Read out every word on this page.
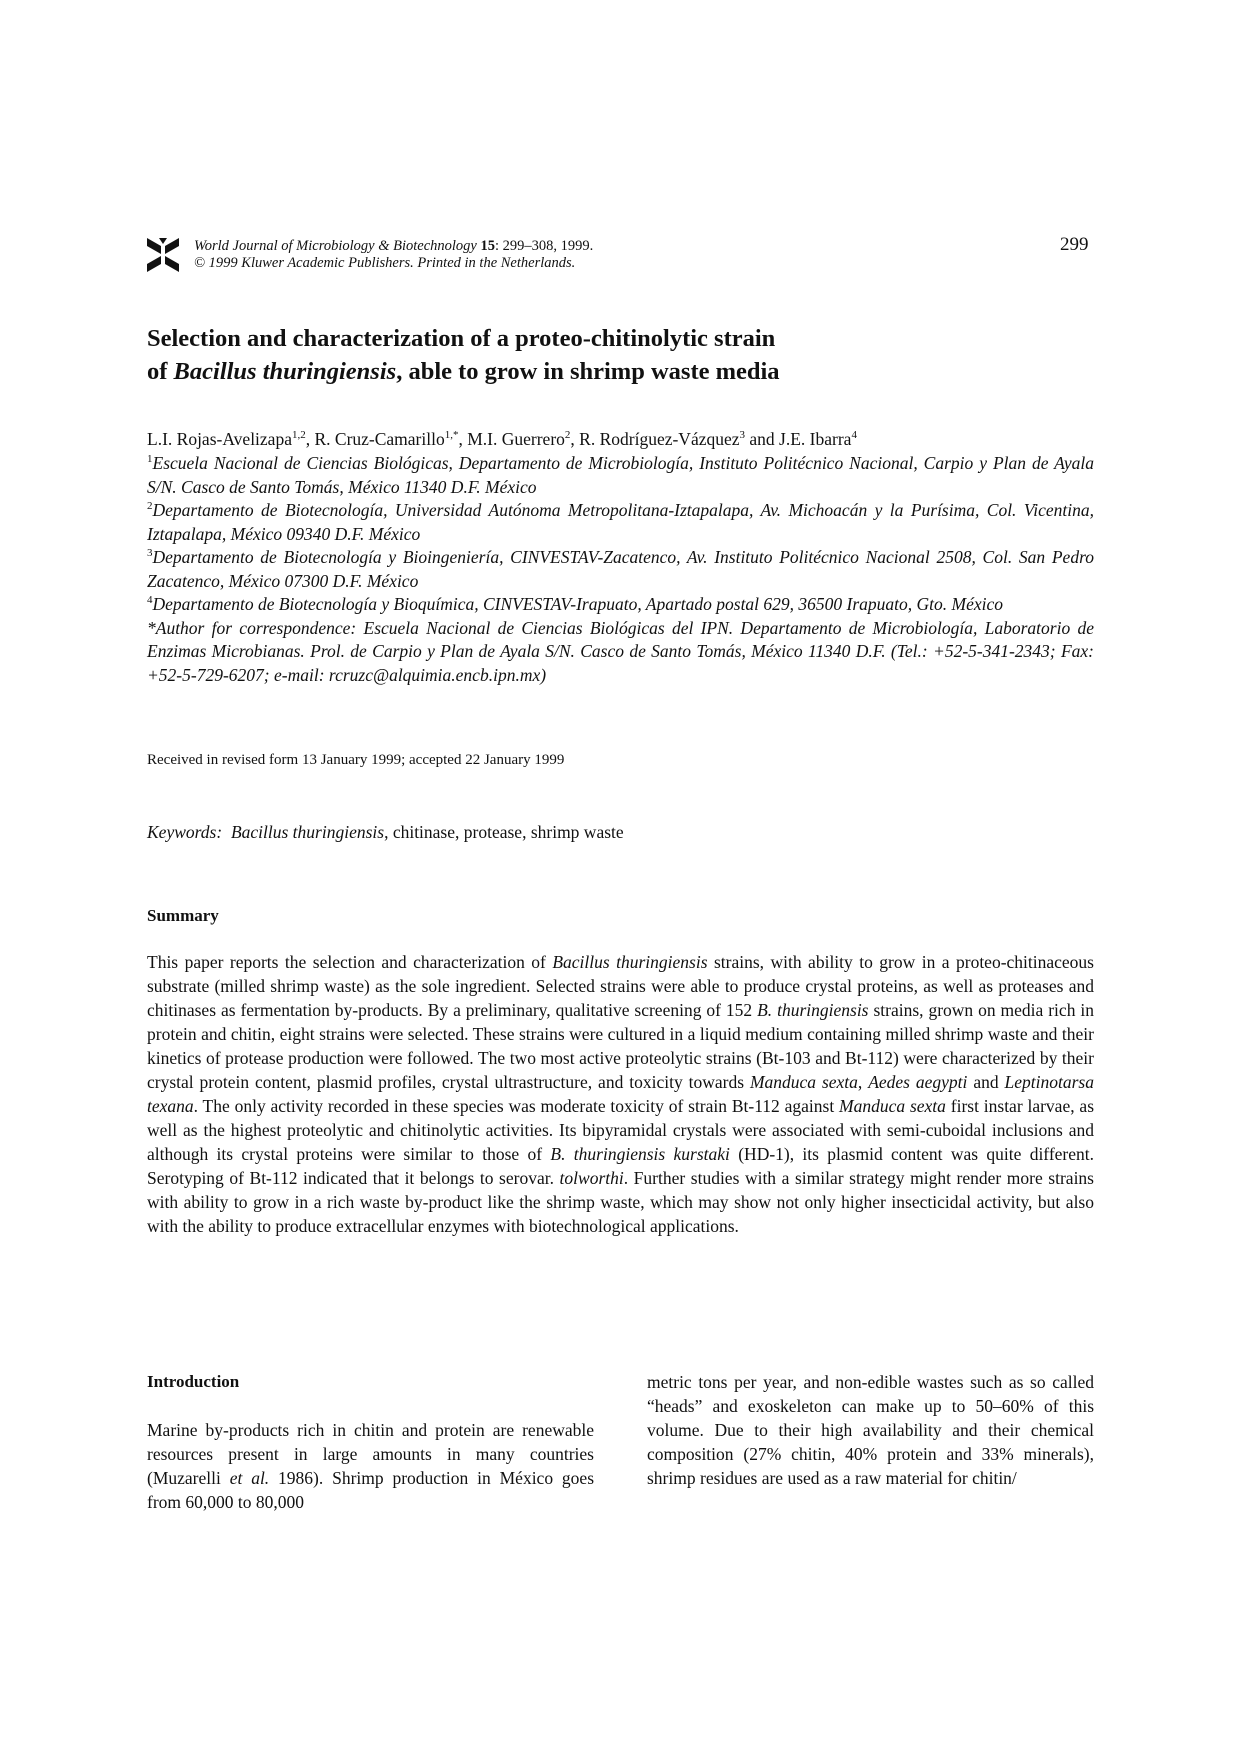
World Journal of Microbiology & Biotechnology 15: 299–308, 1999.
© 1999 Kluwer Academic Publishers. Printed in the Netherlands.
299
Selection and characterization of a proteo-chitinolytic strain
of Bacillus thuringiensis, able to grow in shrimp waste media
L.I. Rojas-Avelizapa$^{1,2}$, R. Cruz-Camarillo$^{1,*}$, M.I. Guerrero$^2$, R. Rodríguez-Vázquez$^3$ and J.E. Ibarra$^4$
$^1$Escuela Nacional de Ciencias Biológicas, Departamento de Microbiología, Instituto Politécnico Nacional, Carpio y Plan de Ayala S/N. Casco de Santo Tomás, México 11340 D.F. México
$^2$Departamento de Biotecnología, Universidad Autónoma Metropolitana-Iztapalapa, Av. Michoacán y la Purísima, Col. Vicentina, Iztapalapa, México 09340 D.F. México
$^3$Departamento de Biotecnología y Bioingeniería, CINVESTAV-Zacatenco, Av. Instituto Politécnico Nacional 2508, Col. San Pedro Zacatenco, México 07300 D.F. México
$^4$Departamento de Biotecnología y Bioquímica, CINVESTAV-Irapuato, Apartado postal 629, 36500 Irapuato, Gto. México
*Author for correspondence: Escuela Nacional de Ciencias Biológicas del IPN. Departamento de Microbiología, Laboratorio de Enzimas Microbianas. Prol. de Carpio y Plan de Ayala S/N. Casco de Santo Tomás, México 11340 D.F. (Tel.: +52-5-341-2343; Fax: +52-5-729-6207; e-mail: rcruzc@alquimia.encb.ipn.mx)
Received in revised form 13 January 1999; accepted 22 January 1999
Keywords: Bacillus thuringiensis, chitinase, protease, shrimp waste
Summary
This paper reports the selection and characterization of Bacillus thuringiensis strains, with ability to grow in a proteo-chitinaceous substrate (milled shrimp waste) as the sole ingredient. Selected strains were able to produce crystal proteins, as well as proteases and chitinases as fermentation by-products. By a preliminary, qualitative screening of 152 B. thuringiensis strains, grown on media rich in protein and chitin, eight strains were selected. These strains were cultured in a liquid medium containing milled shrimp waste and their kinetics of protease production were followed. The two most active proteolytic strains (Bt-103 and Bt-112) were characterized by their crystal protein content, plasmid profiles, crystal ultrastructure, and toxicity towards Manduca sexta, Aedes aegypti and Leptinotarsa texana. The only activity recorded in these species was moderate toxicity of strain Bt-112 against Manduca sexta first instar larvae, as well as the highest proteolytic and chitinolytic activities. Its bipyramidal crystals were associated with semi-cuboidal inclusions and although its crystal proteins were similar to those of B. thuringiensis kurstaki (HD-1), its plasmid content was quite different. Serotyping of Bt-112 indicated that it belongs to serovar. tolworthi. Further studies with a similar strategy might render more strains with ability to grow in a rich waste by-product like the shrimp waste, which may show not only higher insecticidal activity, but also with the ability to produce extracellular enzymes with biotechnological applications.
Introduction
Marine by-products rich in chitin and protein are renewable resources present in large amounts in many countries (Muzarelli et al. 1986). Shrimp production in México goes from 60,000 to 80,000
metric tons per year, and non-edible wastes such as so called “heads” and exoskeleton can make up to 50–60% of this volume. Due to their high availability and their chemical composition (27% chitin, 40% protein and 33% minerals), shrimp residues are used as a raw material for chitin/
